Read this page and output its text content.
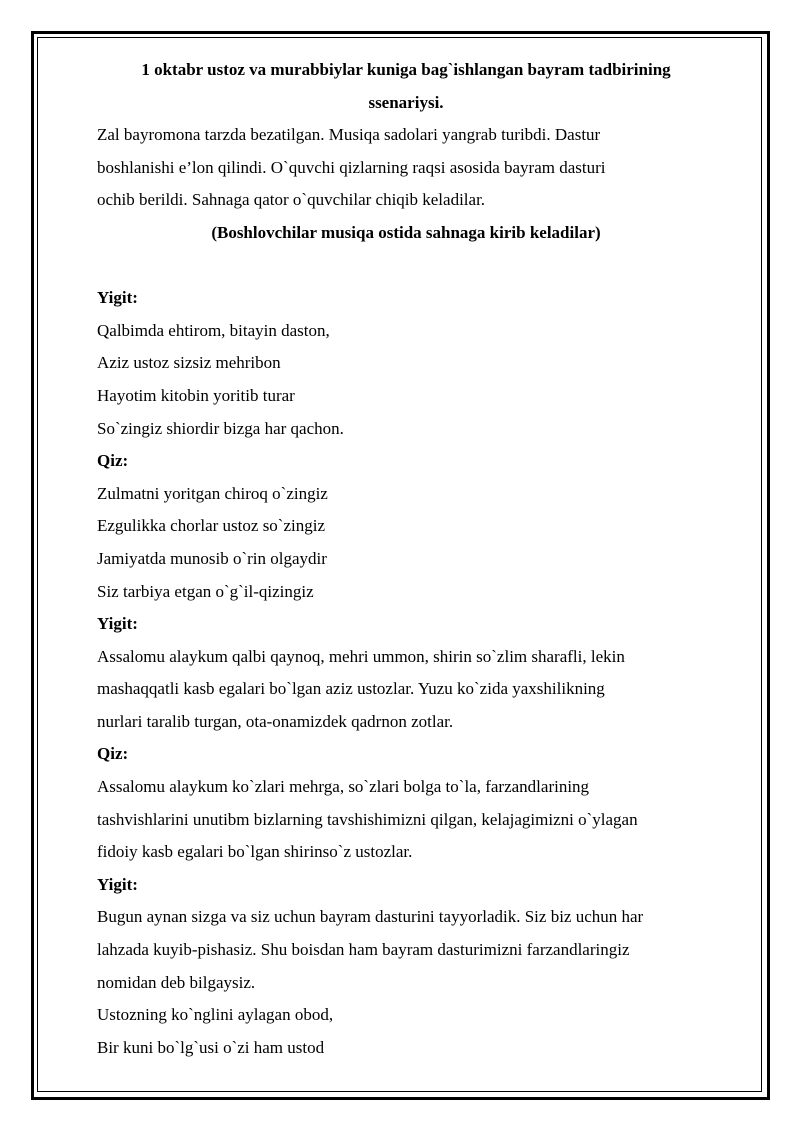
1 oktabr ustoz va murabbiylar kuniga bag`ishlangan bayram tadbirining
ssenariysi.

Zal bayromona tarzda bezatilgan. Musiqa sadolari yangrab turibdi. Dastur
boshlanishi e’lon qilindi. O`quvchi qizlarning raqsi asosida bayram dasturi
ochib berildi. Sahnaga qator o`quvchilar chiqib keladilar.

(Boshlovchilar musiqa ostida sahnaga kirib keladilar)

Yigit:

Qalbimda ehtirom, bitayin daston,

Aziz ustoz sizsiz mehribon

Hayotim kitobin yoritib turar

So`zingiz shiordir bizga har qachon.

Qiz:

Zulmatni yoritgan chiroq o`zingiz

Ezgulikka chorlar ustoz so`zingiz

Jamiyatda munosib o`rin olgaydir

Siz tarbiya etgan o`g`il-qizingiz

Yigit:

Assalomu alaykum qalbi qaynoq, mehri ummon, shirin so`zlim sharafli, lekin

mashaqqatli kasb egalari bo`lgan aziz ustozlar. Yuzu ko`zida yaxshilikning

nurlari taralib turgan, ota-onamizdek qadrnon zotlar.

Qiz:

Assalomu alaykum ko`zlari mehrga, so`zlari bolga to`la, farzandlarining

tashvishlarini unutibm bizlarning tavshishimizni qilgan, kelajagimizni o`ylagan

fidoiy kasb egalari bo`lgan shirinso`z ustozlar.

Yigit:

Bugun aynan sizga va siz uchun bayram dasturini tayyorladik. Siz biz uchun har

lahzada kuyib-pishasiz. Shu boisdan ham bayram dasturimizni farzandlaringiz

nomidan deb bilgaysiz.

Ustozning ko`nglini aylagan obod,

Bir kuni bo`lg`usi o`zi ham ustod
